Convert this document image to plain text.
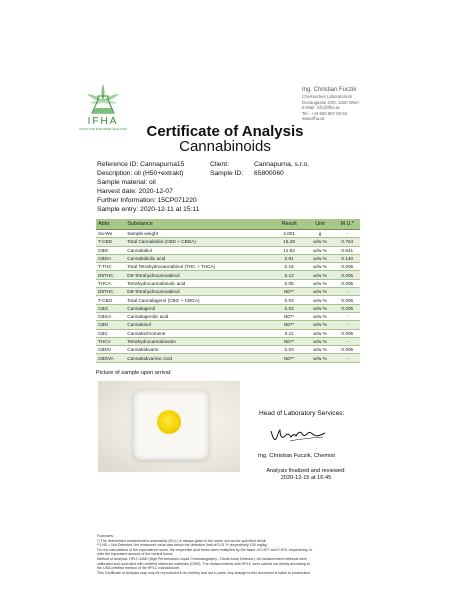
IFHA
INSTITUTE FOR HEMP ANALYSIS
Ing. Christian Fuczik
Chemisches Laboratorium
Donaugasse 2/40, 1020 Wien
E-Mail: info@ifha.at
Tel.: +43 660 867 60 63
www.ifha.at
Certificate of Analysis
Cannabinoids
Reference ID: Cannapurna15
Description: oil (H50+extrakt)
Sample material: oil
Harvest date: 2020-12-07
Further Information: 15CP071220
Sample entry: 2020-12-11 at 15:11
Client:	Cannapurna, s.r.o.
Sample ID: 65800060
Abbr.	Substance	Result	Unit	M.U.*
Sa-We	Sample weight	4.001	g	-
T-CBD	Total Cannabidiol (CBD + CBDA)	15.28	w/w %	0.764
CBD	Cannabidiol	12.82	w/w %	0.641
CBDA	Cannabidiolic acid	2.81	w/w %	0.140
T-THC	Total Tetrahydrocannabinol (THC + THCA)	0.16	w/w %	0.005
D9THC	D9-Tetrahydrocannabinol	0.12	w/w %	0.005
THCA	Tetrahydrocannabinolic acid	0.05	w/w %	0.005
D8THC	D8-Tetrahydrocannabinol	ND**	w/w %	-
T-CBG	Total Cannabigerol (CBG + CBGA)	0.03	w/w %	0.005
CBG	Cannabigerol	0.03	w/w %	0.005
CBGA	Cannabigerolic acid	ND**	w/w %	-
CBN	Cannabinol	ND**	w/w %	-
CBC	Cannabichromene	0.11	w/w %	0.005
THCV	Tetrahydrocannabivarin	ND**	w/w %	-
CBDV	Cannabidivarin	0.03	w/w %	0.005
CBDVA	Cannabidivarinic Acid	ND**	w/w %	-
Picture of sample upon arrival:
Head of Laboratory Services:
Ing. Christian Fuczik, Chemist
Analysis finalized and reviewed:
2020-12-15 at 16:45
Footnotes:
*) The determined measurement uncertainty (M.U.) is always given in the same unit as the specified result.
**) ND = Not Detected, the measured value was below the detection limit of 0.01 % respectively 100 mg/kg.
For the calculations of the equivalence sums, the respective acid forms were multiplied by the factor of 0.877 and 0.878, respectively, to
infer the equivalent amount of the neutral forms.
Method of Analysis: HPLC-DAD (High Performance Liquid Chromatography - Diode Array Detector). All measurement methods were
calibrated and controlled with certified reference materials (CRM). The measurements with HPLC were carried out strictly according to
the USA certified method of the HPLC manufacturer.
This Certificate of Analysis may only be reproduced in its entirety and not in parts. Any change to this document is liable to prosecution
